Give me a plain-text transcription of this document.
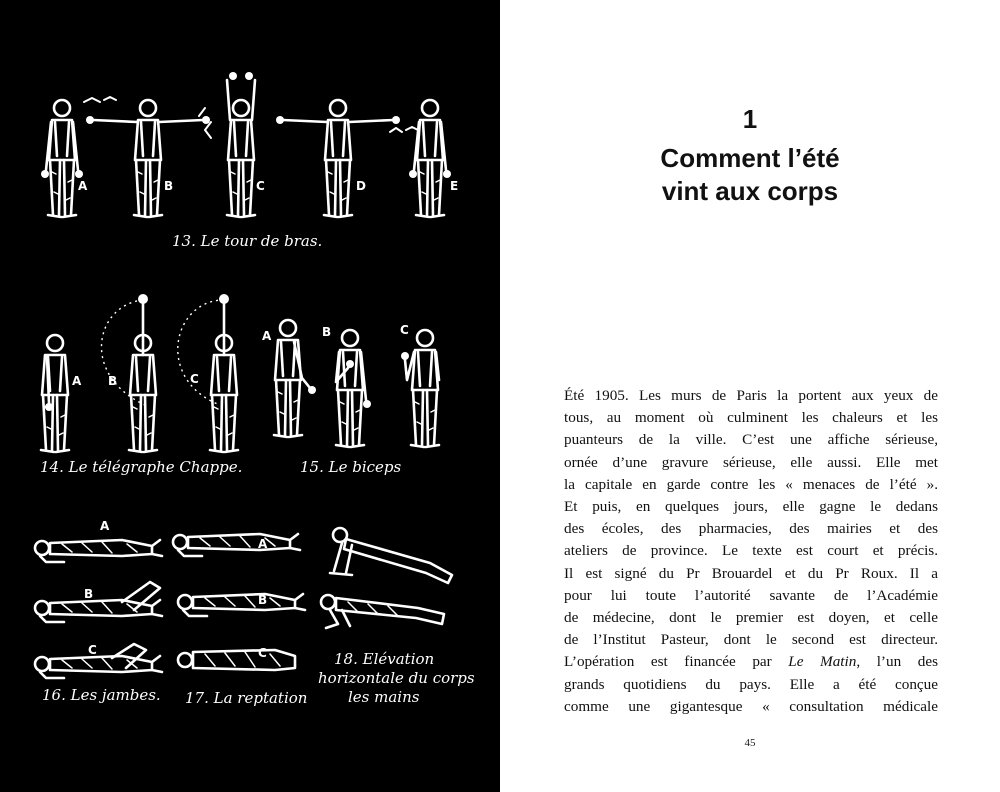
A	B	C	D	E
13. Le tour de bras.
A B	C
14. Le télégraphe Chappe.
A	B	C
15. Le biceps
A
B
C
16. Les jambes.
A
B
C
17. La reptation
18. Elévation
horizontale du corps
les mains
1
Comment l’été
vint aux corps
Été 1905. Les murs de Paris la portent aux yeux de
tous, au moment où culminent les chaleurs et les
puanteurs de la ville. C’est une affiche sérieuse,
ornée d’une gravure sérieuse, elle aussi. Elle met
la capitale en garde contre les « menaces de l’été ».
Et puis, en quelques jours, elle gagne le dedans
des écoles, des pharmacies, des mairies et des
ateliers de province. Le texte est court et précis.
Il est signé du Pr Brouardel et du Pr Roux. Il a
pour lui toute l’autorité savante de l’Académie
de médecine, dont le premier est doyen, et celle
de l’Institut Pasteur, dont le second est directeur.
L’opération est financée par Le Matin, l’un des
grands quotidiens du pays. Elle a été conçue
comme une gigantesque « consultation médicale
45
